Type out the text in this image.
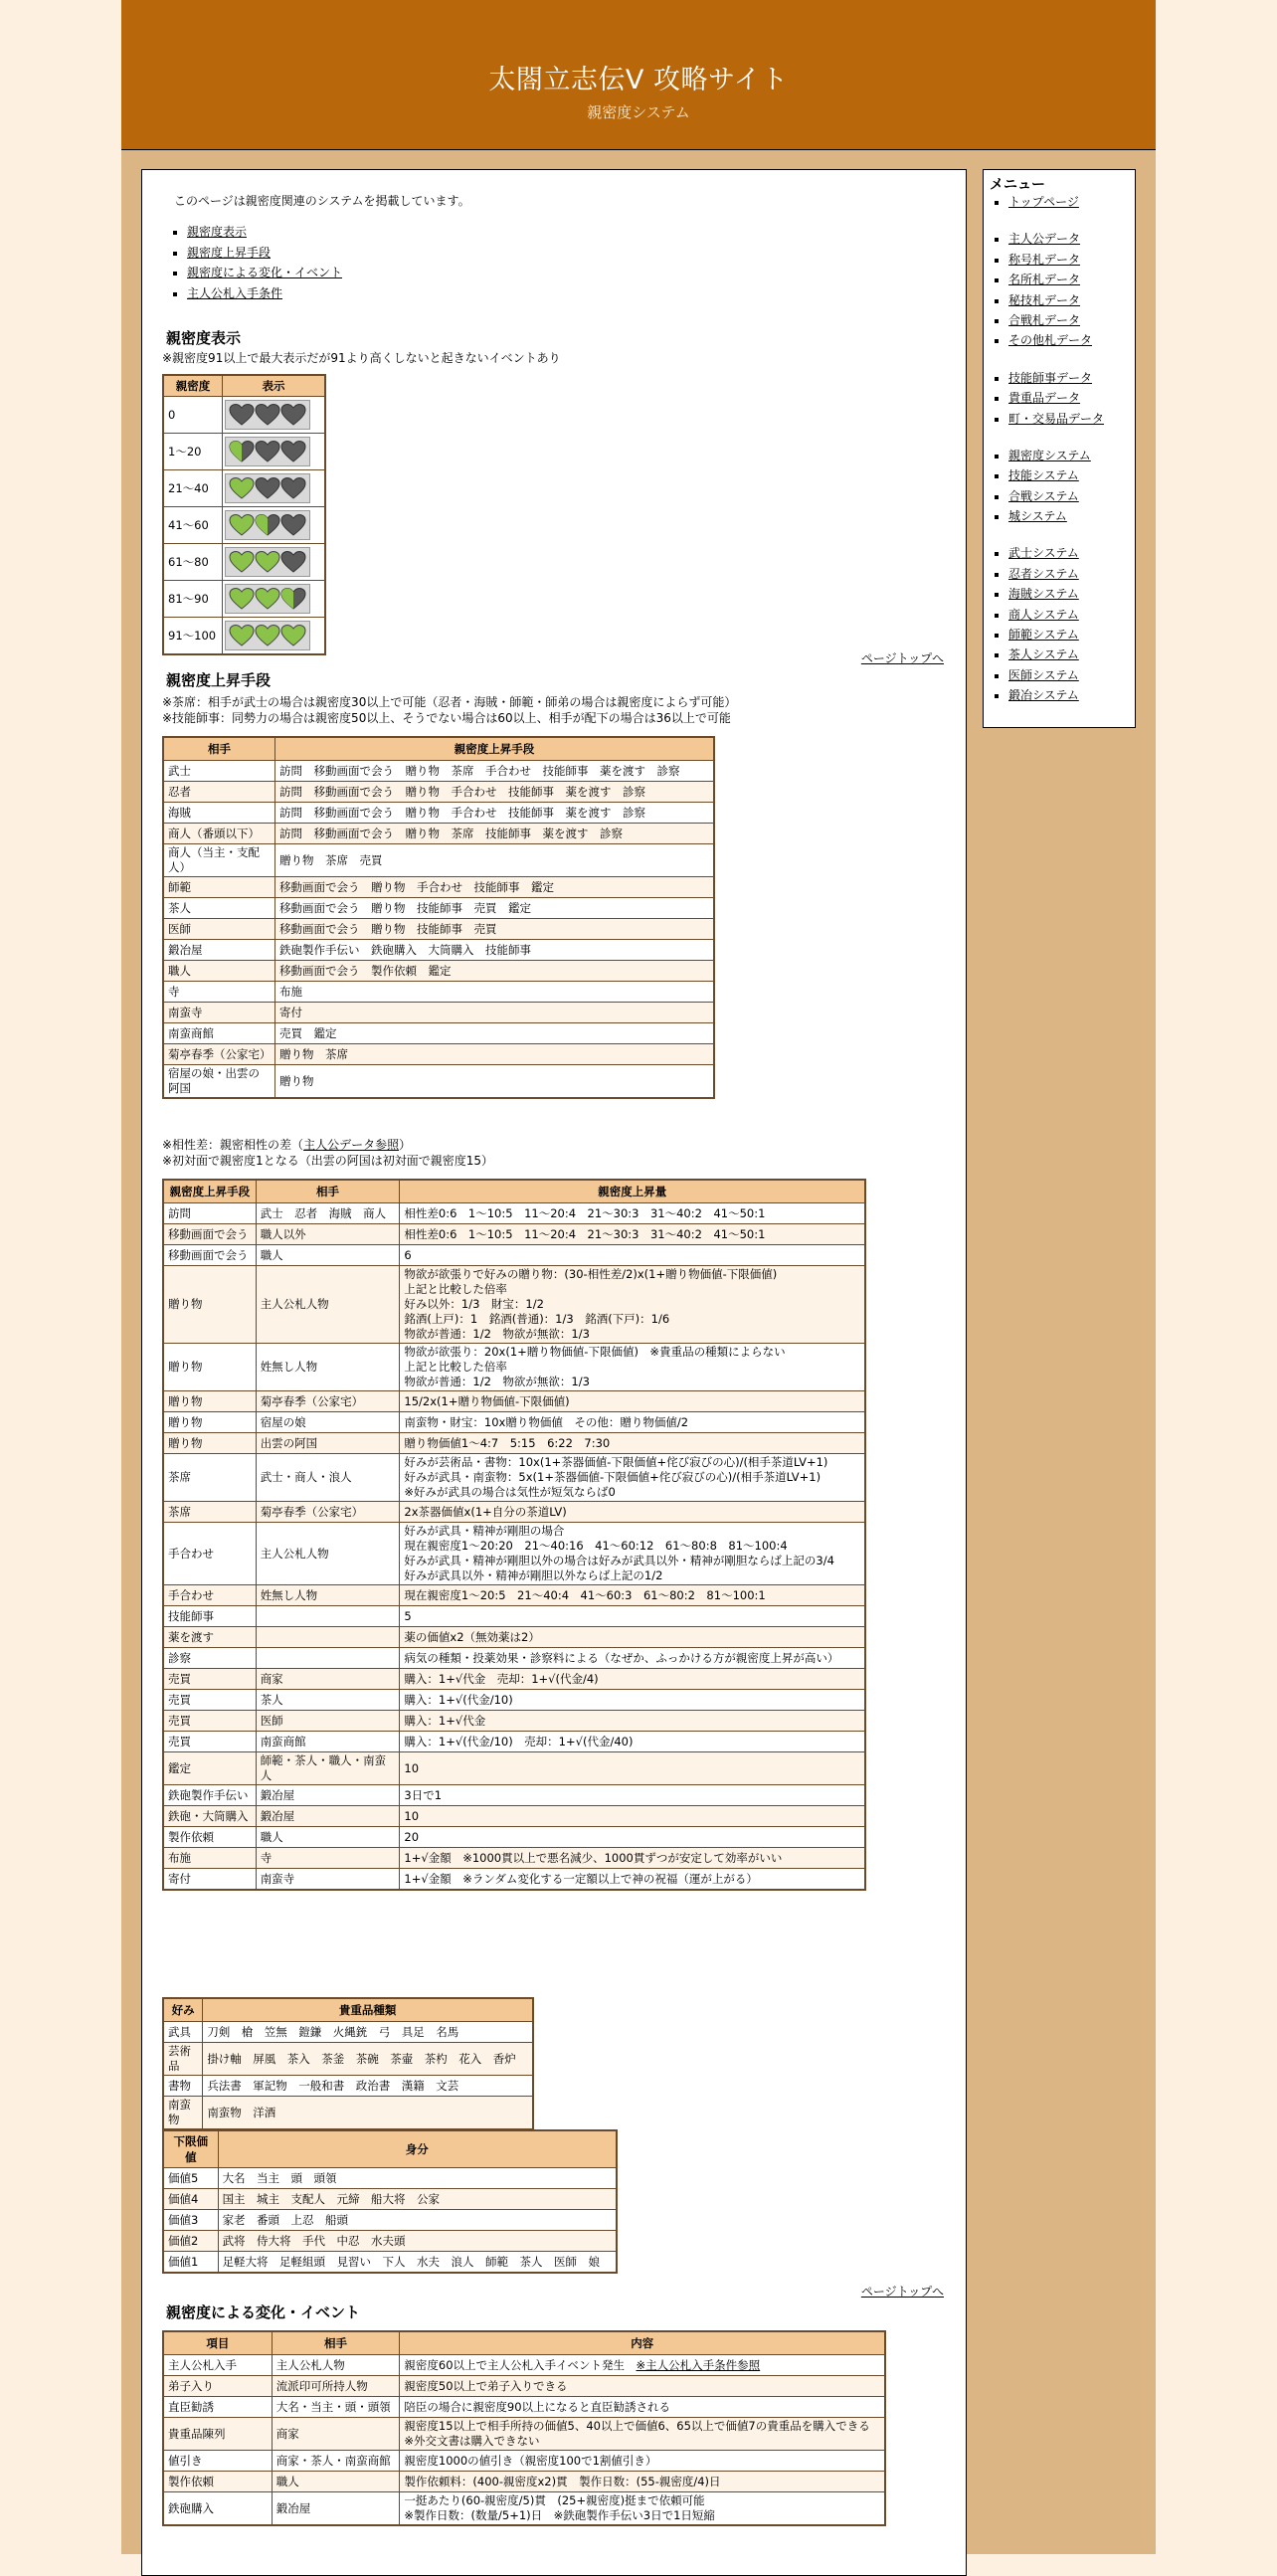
太閤立志伝V 攻略サイト
親密度システム
このページは親密度関連のシステムを掲載しています。
▪ 親密度表示
▪ 親密度上昇手段
▪ 親密度による変化・イベント
▪ 主人公札入手条件
親密度表示
※親密度91以上で最大表示だが91より高くしないと起きないイベントあり
親密度	表示
0	
1～20	
21～40	
41～60	
61～80	
81～90	
91～100	
ページトップへ
親密度上昇手段
※茶席：相手が武士の場合は親密度30以上で可能（忍者・海賊・師範・師弟の場合は親密度によらず可能）
※技能師事：同勢力の場合は親密度50以上、そうでない場合は60以上、相手が配下の場合は36以上で可能
相手	親密度上昇手段
武士	訪問　移動画面で会う　贈り物　茶席　手合わせ　技能師事　薬を渡す　診察
忍者	訪問　移動画面で会う　贈り物　手合わせ　技能師事　薬を渡す　診察
海賊	訪問　移動画面で会う　贈り物　手合わせ　技能師事　薬を渡す　診察
商人（番頭以下）	訪問　移動画面で会う　贈り物　茶席　技能師事　薬を渡す　診察
商人（当主・支配人）	贈り物　茶席　売買
師範	移動画面で会う　贈り物　手合わせ　技能師事　鑑定
茶人	移動画面で会う　贈り物　技能師事　売買　鑑定
医師	移動画面で会う　贈り物　技能師事　売買
鍛冶屋	鉄砲製作手伝い　鉄砲購入　大筒購入　技能師事
職人	移動画面で会う　製作依頼　鑑定
寺	布施
南蛮寺	寄付
南蛮商館	売買　鑑定
菊亭春季（公家宅）	贈り物　茶席
宿屋の娘・出雲の阿国	贈り物
※相性差：親密相性の差（主人公データ参照）
※初対面で親密度1となる（出雲の阿国は初対面で親密度15）
親密度上昇手段	相手	親密度上昇量
訪問	武士　忍者　海賊　商人	相性差0:6　1～10:5　11～20:4　21～30:3　31～40:2　41～50:1
移動画面で会う	職人以外	相性差0:6　1～10:5　11～20:4　21～30:3　31～40:2　41～50:1
移動画面で会う	職人	6
贈り物	主人公札人物	物欲が欲張りで好みの贈り物：(30-相性差/2)x(1+贈り物価値-下限価値)
上記と比較した倍率
好み以外：1/3　財宝：1/2
銘酒(上戸)：1　銘酒(普通)：1/3　銘酒(下戸)：1/6
物欲が普通：1/2　物欲が無欲：1/3

贈り物	姓無し人物	物欲が欲張り：20x(1+贈り物価値-下限価値)　※貴重品の種類によらない
上記と比較した倍率
物欲が普通：1/2　物欲が無欲：1/3

贈り物	菊亭春季（公家宅）	15/2x(1+贈り物価値-下限価値)
贈り物	宿屋の娘	南蛮物・財宝：10x贈り物価値　その他：贈り物価値/2
贈り物	出雲の阿国	贈り物価値1～4:7　5:15　6:22　7:30
茶席	武士・商人・浪人	好みが芸術品・書物：10x(1+茶器価値-下限価値+侘び寂びの心)/(相手茶道LV+1)
好みが武具・南蛮物：5x(1+茶器価値-下限価値+侘び寂びの心)/(相手茶道LV+1)
※好みが武具の場合は気性が短気ならば0

茶席	菊亭春季（公家宅）	2x茶器価値x(1+自分の茶道LV)
手合わせ	主人公札人物	好みが武具・精神が剛胆の場合
現在親密度1～20:20　21～40:16　41～60:12　61～80:8　81～100:4
好みが武具・精神が剛胆以外の場合は好みが武具以外・精神が剛胆ならば上記の3/4
好みが武具以外・精神が剛胆以外ならば上記の1/2

手合わせ	姓無し人物	現在親密度1～20:5　21～40:4　41～60:3　61～80:2　81～100:1
技能師事		5
薬を渡す		薬の価値x2（無効薬は2）
診察		病気の種類・投薬効果・診察料による（なぜか、ふっかける方が親密度上昇が高い）
売買	商家	購入：1+√代金　売却：1+√(代金/4)
売買	茶人	購入：1+√(代金/10)
売買	医師	購入：1+√代金
売買	南蛮商館	購入：1+√(代金/10)　売却：1+√(代金/40)
鑑定	師範・茶人・職人・南蛮人	10
鉄砲製作手伝い	鍛冶屋	3日で1
鉄砲・大筒購入	鍛冶屋	10
製作依頼	職人	20
布施	寺	1+√金額　※1000貫以上で悪名減少、1000貫ずつが安定して効率がいい
寄付	南蛮寺	1+√金額　※ランダム変化する一定額以上で神の祝福（運が上がる）
好み	貴重品種類
武具	刀剣　槍　笠無　鎧鎌　火縄銃　弓　具足　名馬
芸術品	掛け軸　屏風　茶入　茶釜　茶碗　茶壷　茶杓　花入　香炉
書物	兵法書　軍記物　一般和書　政治書　漢籍　文芸
南蛮物	南蛮物　洋酒
下限価値	身分
価値5	大名　当主　頭　頭領
価値4	国主　城主　支配人　元締　船大将　公家
価値3	家老　番頭　上忍　船頭
価値2	武将　侍大将　手代　中忍　水夫頭
価値1	足軽大将　足軽組頭　見習い　下人　水夫　浪人　師範　茶人　医師　娘
ページトップへ
親密度による変化・イベント
項目	相手	内容
主人公札入手	主人公札人物	親密度60以上で主人公札入手イベント発生　 ※主人公札入手条件参照
弟子入り	流派印可所持人物	親密度50以上で弟子入りできる
直臣勧誘	大名・当主・頭・頭領	陪臣の場合に親密度90以上になると直臣勧誘される
貴重品陳列	商家	親密度15以上で相手所持の価値5、40以上で価値6、65以上で価値7の貴重品を購入できる
※外交文書は購入できない

値引き	商家・茶人・南蛮商館	親密度1000の値引き（親密度100で1割値引き）
製作依頼	職人	製作依頼料：(400-親密度x2)貫　製作日数：(55-親密度/4)日
鉄砲購入	鍛冶屋	一挺あたり(60-親密度/5)貫　(25+親密度)挺まで依頼可能
※製作日数：(数量/5+1)日　※鉄砲製作手伝い3日で1日短縮
メニュー
▪ トップページ
▪ 主人公データ
▪ 称号札データ
▪ 名所札データ
▪ 秘技札データ
▪ 合戦札データ
▪ その他札データ
▪ 技能師事データ
▪ 貴重品データ
▪ 町・交易品データ
▪ 親密度システム
▪ 技能システム
▪ 合戦システム
▪ 城システム
▪ 武士システム
▪ 忍者システム
▪ 海賊システム
▪ 商人システム
▪ 師範システム
▪ 茶人システム
▪ 医師システム
▪ 鍛冶システム
